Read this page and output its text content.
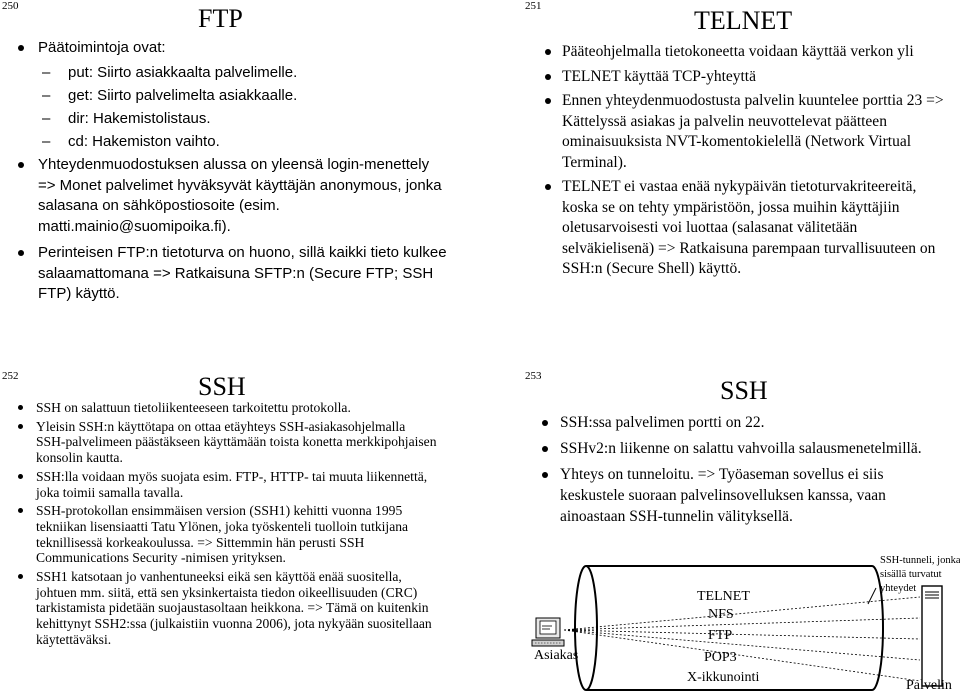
250	FTP
Päätoimintoja ovat:
– put: Siirto asiakkaalta palvelimelle.
– get: Siirto palvelimelta asiakkaalle.
– dir: Hakemistolistaus.
– cd: Hakemiston vaihto.
Yhteydenmuodostuksen alussa on yleensä login-menettely => Monet palvelimet hyväksyvät käyttäjän anonymous, jonka salasana on sähköpostiosoite (esim. matti.mainio@suomipoika.fi).
Perinteisen FTP:n tietoturva on huono, sillä kaikki tieto kulkee salaamattomana => Ratkaisuna SFTP:n (Secure FTP; SSH FTP) käyttö.
251	TELNET
Pääteohjelmalla tietokoneetta voidaan käyttää verkon yli
TELNET käyttää TCP-yhteyttä
Ennen yhteydenmuodostusta palvelin kuuntelee porttia 23 => Kättelyssä asiakas ja palvelin neuvottelevat päätteen ominaisuuksista NVT-komentokielellä (Network Virtual Terminal).
TELNET ei vastaa enää nykypäivän tietoturvakriteereitä, koska se on tehty ympäristöön, jossa muihin käyttäjiin oletusarvoisesti voi luottaa (salasanat välitetään selväkielisenä) => Ratkaisuna parempaan turvallisuuteen on SSH:n (Secure Shell) käyttö.
252	SSH
SSH on salattuun tietoliikenteeseen tarkoitettu protokolla.
Yleisin SSH:n käyttötapa on ottaa etäyhteys SSH-asiakasohjelmalla SSH-palvelimeen päästäkseen käyttämään toista konetta merkkipohjaisen konsolin kautta.
SSH:lla voidaan myös suojata esim. FTP-, HTTP- tai muuta liikennettä, joka toimii samalla tavalla.
SSH-protokollan ensimmäisen version (SSH1) kehitti vuonna 1995 tekniikan lisensiaatti Tatu Ylönen, joka työskenteli tuolloin tutkijana teknillisessä korkeakoulussa. => Sittemmin hän perusti SSH Communications Security -nimisen yrityksen.
SSH1 katsotaan jo vanhentuneeksi eikä sen käyttöä enää suositella, johtuen mm. siitä, että sen yksinkertaista tiedon oikeellisuuden (CRC) tarkistamista pidetään suojaustasoltaan heikkona. => Tämä on kuitenkin kehittynyt SSH2:ssa (julkaistiin vuonna 2006), jota nykyään suositellaan käytettäväksi.
253	SSH
SSH:ssa palvelimen portti on 22.
SSHv2:n liikenne on salattu vahvoilla salausmenetelmillä.
Yhteys on tunneloitu. => Työaseman sovellus ei siis keskustele suoraan palvelinsovelluksen kanssa, vaan ainoastaan SSH-tunnelin välityksellä.
SSH-tunneli, jonka sisällä turvatut yhteydet
TELNET
NFS
FTP
POP3
X-ikkunointi
Asiakas
Palvelin
